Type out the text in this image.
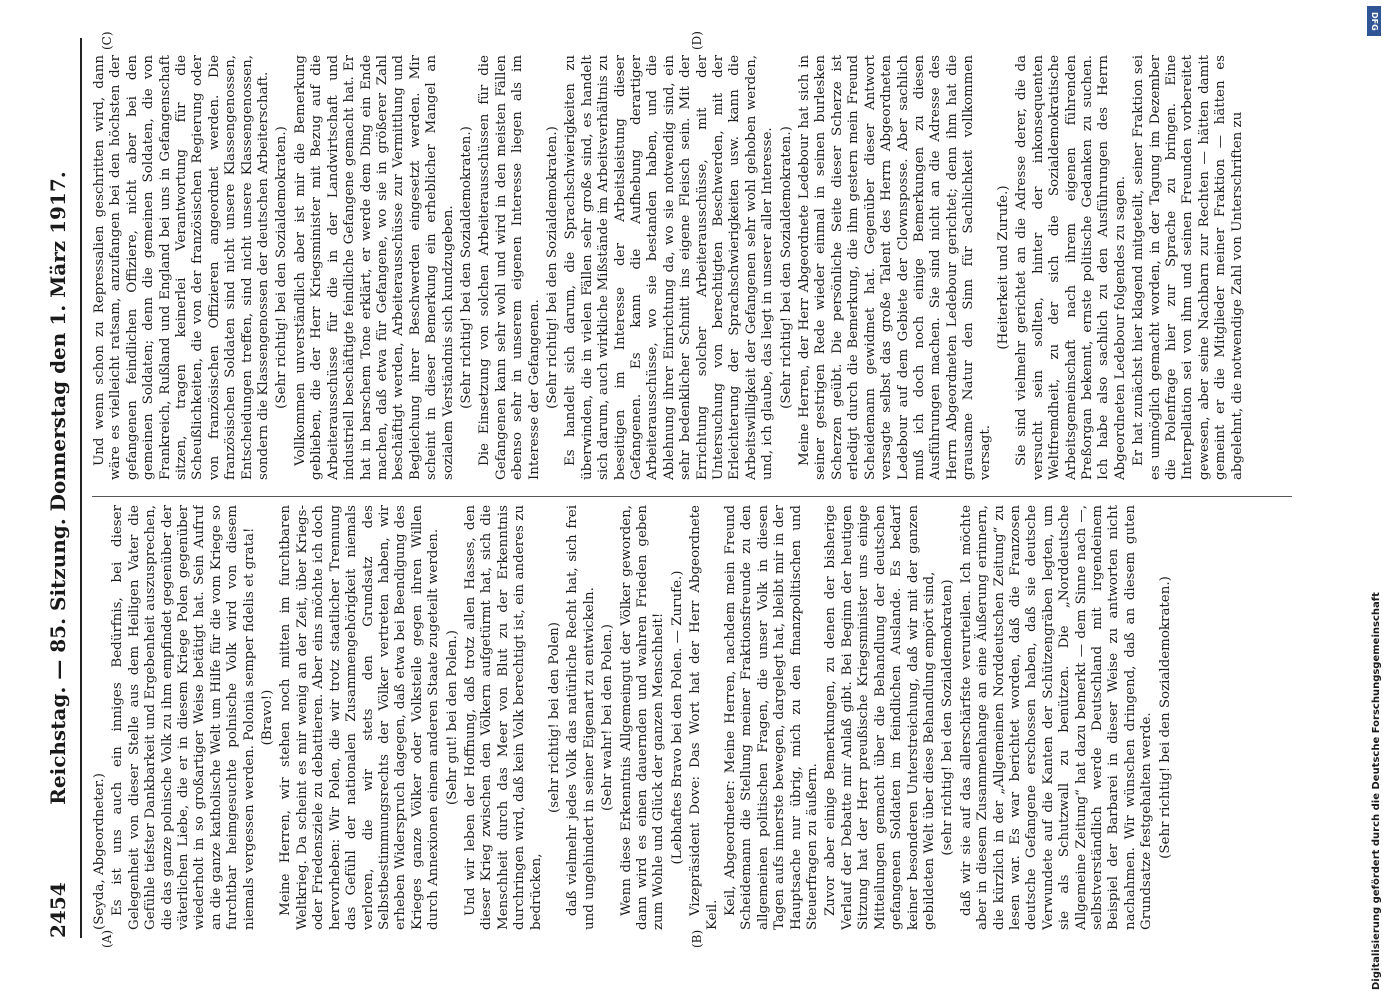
2454
Reichstag. — 85. Sitzung. Donnerstag den 1. März 1917.
(A)	(B)
(C)	(D)

(Seyda, Abgeordneter.) Es ist uns auch ein inniges Bedürfnis, bei dieser Gelegenheit von dieser Stelle aus dem Heiligen Vater die Gefühle tiefster Dankbarkeit und Ergebenheit auszusprechen, die das ganze polnische Volk zu ihm empfindet gegenüber der väterlichen Liebe, die er in diesem Kriege Polen gegenüber wiederholt in so großartiger Weise betätigt hat. Sein Aufruf an die ganze katholische Welt um Hilfe für die vom Kriege so furchtbar heimgesuchte polnische Volk wird von diesem niemals vergessen werden. Polonia semper fidelis et grata! (Bravo!) Meine Herren, wir stehen noch mitten im furchtbaren Weltkrieg. Da scheint es mir wenig an der Zeit, über Kriegs- oder Friedensziele zu debattieren. Aber eins möchte ich doch hervorheben: Wir Polen, die wir trotz staatlicher Trennung das Gefühl der nationalen Zusammengehörigkeit niemals verloren, die wir stets den Grundsatz des Selbstbestimmungsrechts der Völker vertreten haben, wir erheben Widerspruch dagegen, daß etwa bei Beendigung des Krieges ganze Völker oder Volksteile gegen ihren Willen durch Annexionen einem anderen Staate zugeteilt werden. (Sehr gut! bei den Polen.) Und wir leben der Hoffnung, daß trotz allen Hasses, den dieser Krieg zwischen den Völkern aufgetürmt hat, sich die Menschheit durch das Meer von Blut zu der Erkenntnis durchringen wird, daß kein Volk berechtigt ist, ein anderes zu bedrücken,

(sehr richtig! bei den Polen) daß vielmehr jedes Volk das natürliche Recht hat, sich frei und ungehindert in seiner Eigenart zu entwickeln. (Sehr wahr! bei den Polen.) Wenn diese Erkenntnis Allgemeingut der Völker geworden, dann wird es einen dauernden und wahren Frieden geben zum Wohle und Glück der ganzen Menschheit! (Lebhaftes Bravo bei den Polen. — Zurufe.) Vizepräsident Dove: Das Wort hat der Herr Abgeordnete Keil. Keil, Abgeordneter: Meine Herren, nachdem mein Freund Scheidemann die Stellung meiner Fraktionsfreunde zu den allgemeinen politischen Fragen, die unser Volk in diesen Tagen aufs innerste bewegen, dargelegt hat, bleibt mir in der Hauptsache nur übrig, mich zu den finanzpolitischen und Steuerfragen zu äußern. Zuvor aber einige Bemerkungen, zu denen der bisherige Verlauf der Debatte mir Anlaß gibt. Bei Beginn der heutigen Sitzung hat der Herr preußische Kriegsminister uns einige Mitteilungen gemacht über die Behandlung der deutschen gefangenen Soldaten im feindlichen Auslande. Es bedarf keiner besonderen Unterstreichung, daß wir mit der ganzen gebildeten Welt über diese Behandlung empört sind, (sehr richtig! bei den Sozialdemokraten) daß wir sie auf das allerschärfste verurteilen. Ich möchte aber in diesem Zusammenhange an eine Äußerung erinnern, die kürzlich in der „Allgemeinen Norddeutschen Zeitung“ zu lesen war. Es war berichtet worden, daß die Franzosen deutsche Gefangene erschossen haben, daß sie deutsche Verwundete auf die Kanten der Schützengräben legten, um sie als Schutzwall zu benützen. Die „Norddeutsche Allgemeine Zeitung“ hat dazu bemerkt — dem Sinne nach —, selbstverständlich werde Deutschland mit irgendeinem Beispiel der Barbarei in dieser Weise zu antworten nicht nachahmen. Wir wünschen dringend, daß an diesem guten Grundsatze festgehalten werde. (Sehr richtig! bei den Sozialdemokraten.)

Und wenn schon zu Repressalien geschritten wird, dann wäre es vielleicht ratsam, anzufangen bei den höchsten der gefangenen feindlichen Offiziere, nicht aber bei den gemeinen Soldaten; denn die gemeinen Soldaten, die von Frankreich, Rußland und England bei uns in Gefangenschaft sitzen, tragen keinerlei Verantwortung für die Scheußlichkeiten, die von der französischen Regierung oder von französischen Offizieren angeordnet werden. Die französischen Soldaten sind nicht unsere Klassengenossen, Entscheidungen treffen, sind nicht unsere Klassengenossen, sondern die Klassengenossen der deutschen Arbeiterschaft. (Sehr richtig! bei den Sozialdemokraten.) Vollkommen unverständlich aber ist mir die Bemerkung geblieben, die der Herr Kriegsminister mit Bezug auf die Arbeiterausschüsse für die in der Landwirtschaft und industriell beschäftigte feindliche Gefangene gemacht hat. Er hat in barschem Tone erklärt, er werde dem Ding ein Ende machen, daß etwa für Gefangene, wo sie in größerer Zahl beschäftigt werden, Arbeiterausschüsse zur Vermittlung und Begleichung ihrer Beschwerden eingesetzt werden. Mir scheint in dieser Bemerkung ein erheblicher Mangel an sozialem Verständnis sich kundzugeben. (Sehr richtig! bei den Sozialdemokraten.) Die Einsetzung von solchen Arbeiterausschüssen für die Gefangenen kann sehr wohl und wird in den meisten Fällen ebenso sehr in unserem eigenen Interesse liegen als im Interesse der Gefangenen. (Sehr richtig! bei den Sozialdemokraten.) Es handelt sich darum, die Sprachschwierigkeiten zu überwinden, die in vielen Fällen sehr große sind, es handelt sich darum, auch wirkliche Mißstände im Arbeitsverhältnis zu beseitigen im Interesse der Arbeitsleistung dieser Gefangenen. Es kann die Aufhebung derartiger Arbeiterausschüsse, wo sie bestanden haben, und die Ablehnung ihrer Einrichtung da, wo sie notwendig sind, ein sehr bedenklicher Schnitt ins eigene Fleisch sein. Mit der Errichtung solcher Arbeiterausschüsse, mit der Untersuchung von berechtigten Beschwerden, mit der Erleichterung der Sprachschwierigkeiten usw. kann die Arbeitswilligkeit der Gefangenen sehr wohl gehoben werden, und, ich glaube, das liegt in unserer aller Interesse. (Sehr richtig! bei den Sozialdemokraten.) Meine Herren, der Herr Abgeordnete Ledebour hat sich in seiner gestrigen Rede wieder einmal in seinen burlesken Scherzen geübt. Die persönliche Seite dieser Scherze ist erledigt durch die Bemerkung, die ihm gestern mein Freund Scheidemann gewidmet hat. Gegenüber dieser Antwort versagte selbst das große Talent des Herrn Abgeordneten Ledebour auf dem Gebiete der Clownsposse. Aber sachlich muß ich doch noch einige Bemerkungen zu diesen Ausführungen machen. Sie sind nicht an die Adresse des Herrn Abgeordneten Ledebour gerichtet; denn ihm hat die grausame Natur den Sinn für Sachlichkeit vollkommen versagt.

(Heiterkeit und Zurufe.) Sie sind vielmehr gerichtet an die Adresse derer, die da versucht sein sollten, hinter der inkonsequenten Weltfremdheit, zu der sich die Sozialdemokratische Arbeitsgemeinschaft nach ihrem eigenen führenden Preßorgan bekennt, ernste politische Gedanken zu suchen. Ich habe also sachlich zu den Ausführungen des Herrn Abgeordneten Ledebour folgendes zu sagen. Er hat zunächst hier klagend mitgeteilt, seiner Fraktion sei es unmöglich gemacht worden, in der Tagung im Dezember die Polenfrage hier zur Sprache zu bringen. Eine Interpellation sei von ihm und seinen Freunden vorbereitet gewesen, aber seine Nachbarn zur Rechten — hätten damit gemeint er die Mitglieder meiner Fraktion — hätten es abgelehnt, die notwendige Zahl von Unterschriften zu

Digitalisierung gefördert durch die Deutsche Forschungsgemeinschaft
DFG
